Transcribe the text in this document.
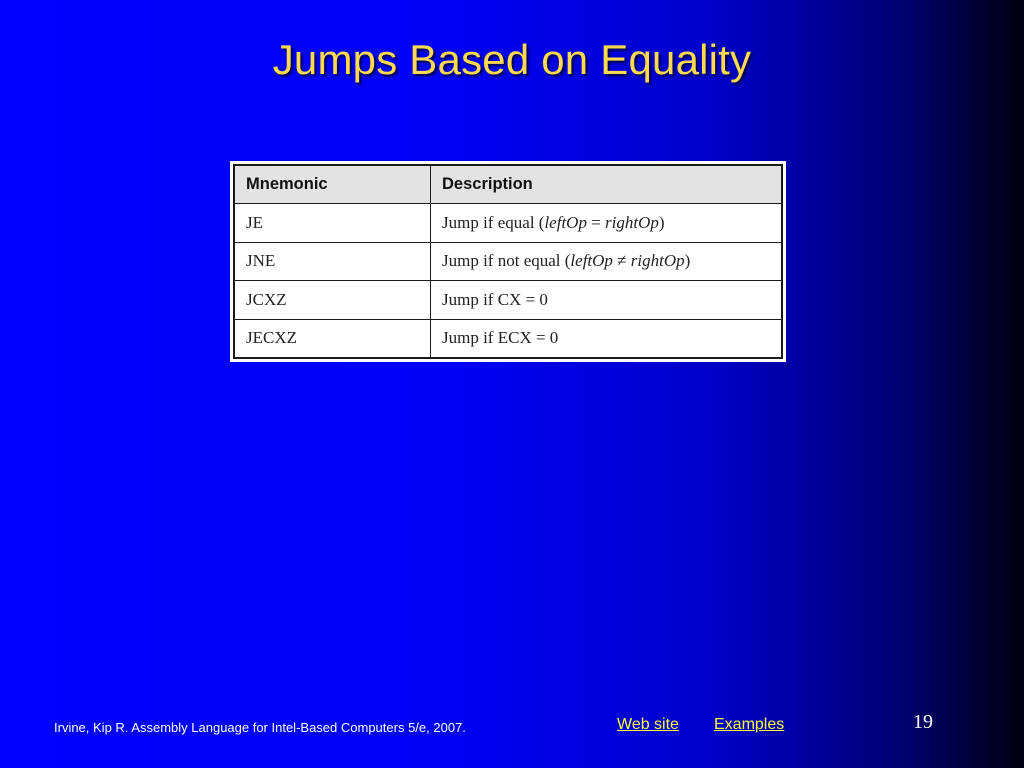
Jumps Based on Equality
Mnemonic	Description
JE	Jump if equal (leftOp = rightOp)
JNE	Jump if not equal (leftOp ≠ rightOp)
JCXZ	Jump if CX = 0
JECXZ	Jump if ECX = 0
Irvine, Kip R. Assembly Language for Intel-Based Computers 5/e, 2007.	Web site Examples	19
